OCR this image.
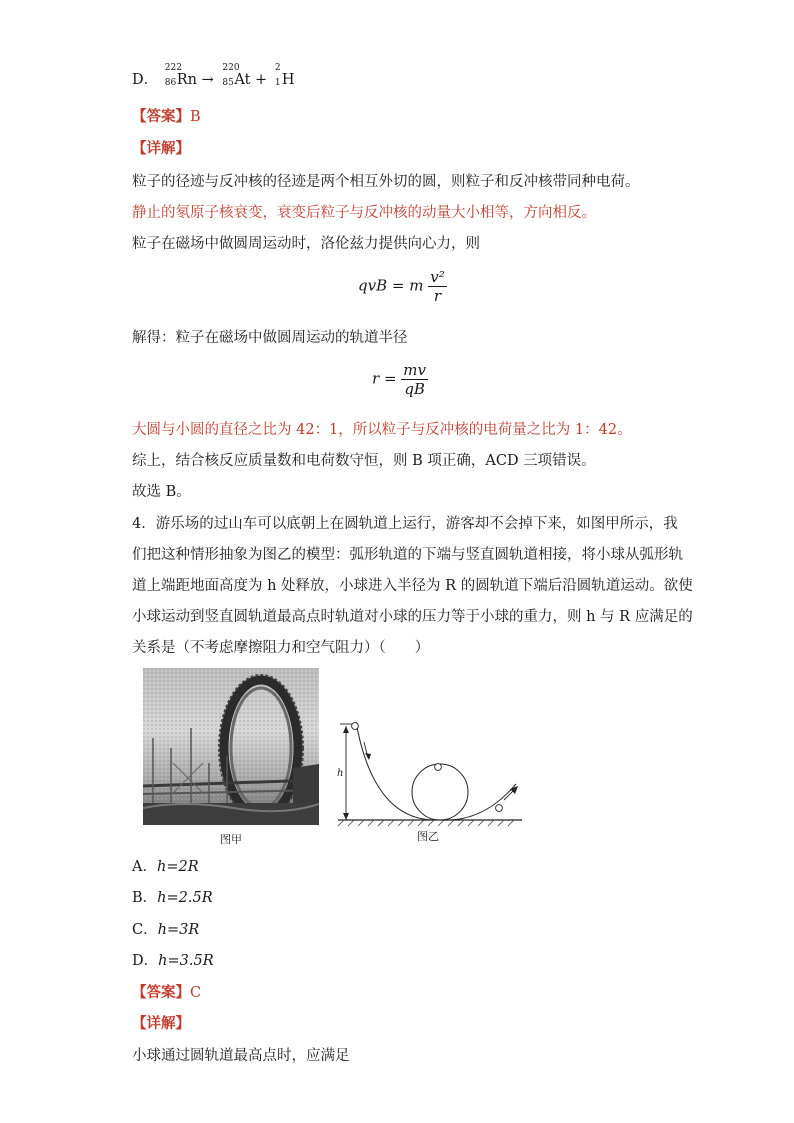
D．
222
86 Rn →
220
85 At +
2
1 H
【答案】B
【详解】
粒子的径迹与反冲核的径迹是两个相互外切的圆，则粒子和反冲核带同种电荷。
静止的氡原子核衰变，衰变后粒子与反冲核的动量大小相等，方向相反。
粒子在磁场中做圆周运动时，洛伦兹力提供向心力，则
qvB = m $\frac{\text{v²}}{r}$
解得：粒子在磁场中做圆周运动的轨道半径
$r = \frac{mv}{qB}$
大圆与小圆的直径之比为 42：1，所以粒子与反冲核的电荷量之比为 1：42。
综上，结合核反应质量数和电荷数守恒，则 B 项正确，ACD 三项错误。
故选 B。
4．游乐场的过山车可以底朝上在圆轨道上运行，游客却不会掉下来，如图甲所示，我
们把这种情形抽象为图乙的模型：弧形轨道的下端与竖直圆轨道相接，将小球从弧形轨
道上端距地面高度为 h 处释放，小球进入半径为 R 的圆轨道下端后沿圆轨道运动。欲使
小球运动到竖直圆轨道最高点时轨道对小球的压力等于小球的重力，则 h 与 R 应满足的
关系是（不考虑摩擦阻力和空气阻力）（　　）
图甲
h
图乙
A．h=2R
B．h=2.5R
C．h=3R
D．h=3.5R
【答案】C
【详解】
小球通过圆轨道最高点时，应满足
